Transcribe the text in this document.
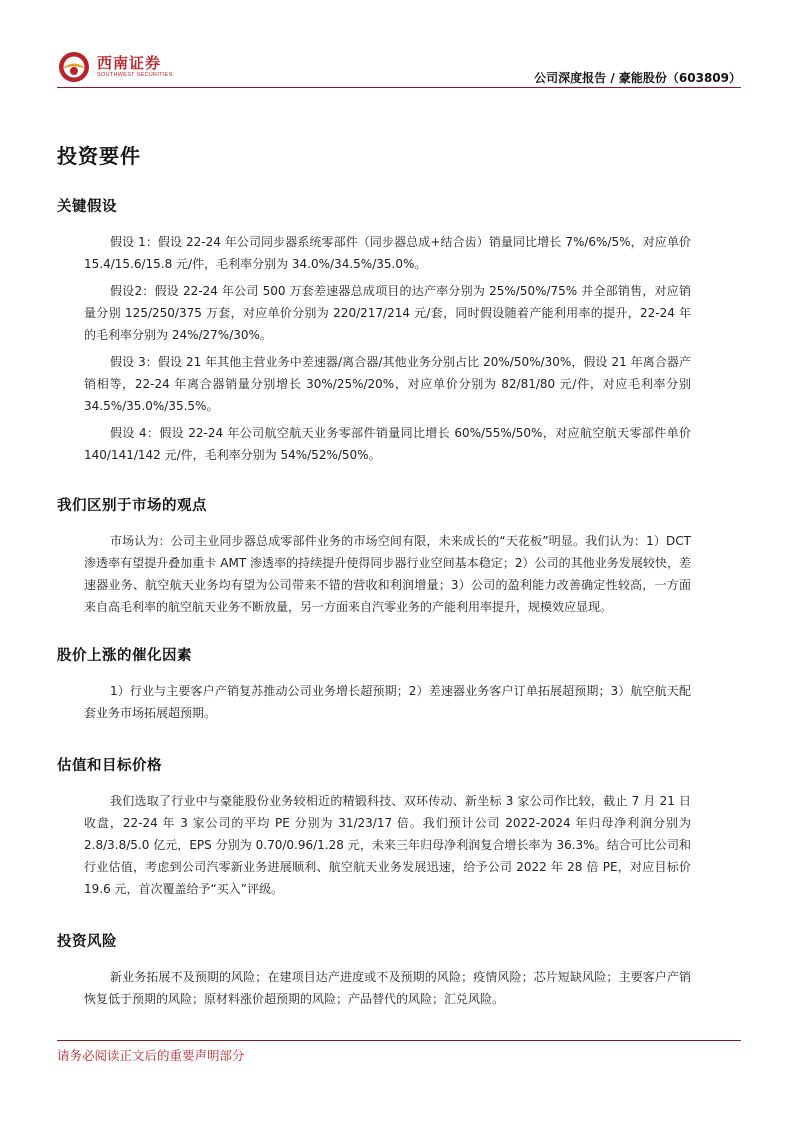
西南证券
SOUTHWEST SECURITIES	公司深度报告 / 豪能股份（603809）
投资要件
关键假设

假设 1：假设 22-24 年公司同步器系统零部件（同步器总成+结合齿）销量同比增长 7%/6%/5%，对应单价 15.4/15.6/15.8 元/件，毛利率分别为 34.0%/34.5%/35.0%。

假设2：假设 22-24 年公司 500 万套差速器总成项目的达产率分别为 25%/50%/75% 并全部销售，对应销量分别 125/250/375 万套，对应单价分别为 220/217/214 元/套，同时假设随着产能利用率的提升，22-24 年的毛利率分别为 24%/27%/30%。

假设 3：假设 21 年其他主营业务中差速器/离合器/其他业务分别占比 20%/50%/30%，假设 21 年离合器产销相等，22-24 年离合器销量分别增长 30%/25%/20%，对应单价分别为 82/81/80 元/件，对应毛利率分别 34.5%/35.0%/35.5%。

假设 4：假设 22-24 年公司航空航天业务零部件销量同比增长 60%/55%/50%，对应航空航天零部件单价 140/141/142 元/件，毛利率分别为 54%/52%/50%。

我们区别于市场的观点

市场认为：公司主业同步器总成零部件业务的市场空间有限，未来成长的“天花板”明显。我们认为：1）DCT 渗透率有望提升叠加重卡 AMT 渗透率的持续提升使得同步器行业空间基本稳定；2）公司的其他业务发展较快，差速器业务、航空航天业务均有望为公司带来不错的营收和利润增量；3）公司的盈利能力改善确定性较高，一方面来自高毛利率的航空航天业务不断放量，另一方面来自汽零业务的产能利用率提升，规模效应显现。

股价上涨的催化因素

1）行业与主要客户产销复苏推动公司业务增长超预期；2）差速器业务客户订单拓展超预期；3）航空航天配套业务市场拓展超预期。

估值和目标价格

我们选取了行业中与豪能股份业务较相近的精锻科技、双环传动、新坐标 3 家公司作比较，截止 7 月 21 日收盘，22-24 年 3 家公司的平均 PE 分别为 31/23/17 倍。我们预计公司 2022-2024 年归母净利润分别为 2.8/3.8/5.0 亿元，EPS 分别为 0.70/0.96/1.28 元，未来三年归母净利润复合增长率为 36.3%。结合可比公司和行业估值，考虑到公司汽零新业务进展顺利、航空航天业务发展迅速，给予公司 2022 年 28 倍 PE，对应目标价 19.6 元，首次覆盖给予“买入”评级。

投资风险

新业务拓展不及预期的风险；在建项目达产进度或不及预期的风险；疫情风险；芯片短缺风险；主要客户产销恢复低于预期的风险；原材料涨价超预期的风险；产品替代的风险；汇兑风险。

请务必阅读正文后的重要声明部分
